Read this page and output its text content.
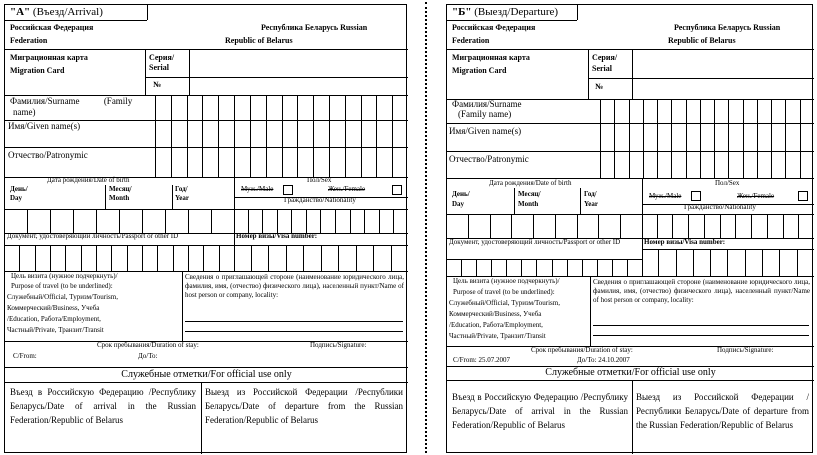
"А" (Въезд/Arrival)
Российская Федерация
Federation
Республика Беларусь Russian
Republic of Belarus
Миграционная карта
Migration Card
Серия/
Serial
№
Фамилия/Surname	(Family
name)
Имя/Given name(s)
Отчество/Patronymic
Дата рождения/Date of birth	Пол/Sex
День/
Day
Месяц/
Month
Год/
Year
Муж./Male	Жен./Female
Гражданство/Nationality
Документ, удостоверяющий личность/Passport or other ID	Номер визы/Visa number:
Цель визита (нужное подчеркнуть)/
Purpose of travel (to be underlined):
Служебный/Official, Туризм/Tourism,
Коммерческий/Business, Учеба
/Education, Работа/Employment,
Частный/Private, Транзит/Transit
Сведения о приглашающей стороне (наименование юридического лица, фамилия, имя, (отчество) физического лица), населенный пункт/Name of host person or company, locality:
Срок пребывания/Duration of stay:	Подпись/Signature:
С/From:	До/To:
Служебные отметки/For official use only
Въезд в Российскую Федерацию /Республику Беларусь/Date of arrival in the Russian Federation/Republic of Belarus
Выезд из Российской Федерации /Республики Беларусь/Date of departure from the Russian Federation/Republic of Belarus
"Б" (Выезд/Departure)
Российская Федерация
Federation
Республика Беларусь Russian
Republic of Belarus
Миграционная карта
Migration Card
Серия/
Serial
№
Фамилия/Surname
(Family name)
Имя/Given name(s)
Отчество/Patronymic
Дата рождения/Date of birth	Пол/Sex
День/
Day
Месяц/
Month
Год/
Year
Муж./Male	Жен./Female
Гражданство/Nationality
Документ, удостоверяющий личность/Passport or other ID	Номер визы/Visa number:
Цель визита (нужное подчеркнуть)/
Purpose of travel (to be underlined):
Служебный/Official, Туризм/Tourism,
Коммерческий/Business, Учеба
/Education, Работа/Employment,
Частный/Private, Транзит/Transit
Сведения о приглашающей стороне (наименование юридического лица, фамилия, имя, (отчество) физического лица), населенный пункт/Name of host person or company, locality:
Срок пребывания/Duration of stay:	Подпись/Signature:
С/From: 25.07.2007	До/To: 24.10.2007
Служебные отметки/For official use only
Въезд в Российскую Федерацию /Республику Беларусь/Date of arrival in the Russian Federation/Republic of Belarus
Выезд из Российской Федерации /Республики Беларусь/Date of departure from the Russian Federation/Republic of Belarus
